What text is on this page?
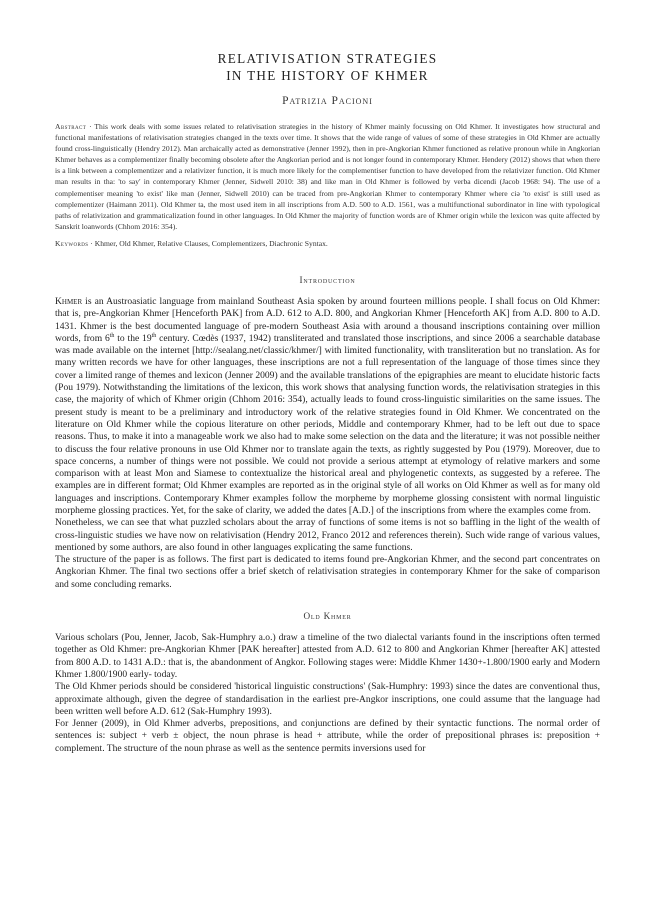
RELATIVISATION STRATEGIES
IN THE HISTORY OF KHMER
Patrizia Pacioni
Abstract · This work deals with some issues related to relativisation strategies in the history of Khmer mainly focussing on Old Khmer. It investigates how structural and functional manifestations of relativisation strategies changed in the texts over time. It shows that the wide range of values of some of these strategies in Old Khmer are actually found cross-linguistically (Hendry 2012). Man archaically acted as demonstrative (Jenner 1992), then in pre-Angkorian Khmer functioned as relative pronoun while in Angkorian Khmer behaves as a complementizer finally becoming obsolete after the Angkorian period and is not longer found in contemporary Khmer. Hendery (2012) shows that when there is a link between a complementizer and a relativizer function, it is much more likely for the complementiser function to have developed from the relativizer function. Old Khmer man results in tha: 'to say' in contemporary Khmer (Jenner, Sidwell 2010: 38) and like man in Old Khmer is followed by verba dicendi (Jacob 1968: 94). The use of a complementiser meaning 'to exist' like man (Jenner, Sidwell 2010) can be traced from pre-Angkorian Khmer to contemporary Khmer where ciə 'to exist' is still used as complementizer (Haimann 2011). Old Khmer ta, the most used item in all inscriptions from A.D. 500 to A.D. 1561, was a multifunctional subordinator in line with typological paths of relativization and grammaticalization found in other languages. In Old Khmer the majority of function words are of Khmer origin while the lexicon was quite affected by Sanskrit loanwords (Chhom 2016: 354).
Keywords · Khmer, Old Khmer, Relative Clauses, Complementizers, Diachronic Syntax.
Introduction

Khmer is an Austroasiatic language from mainland Southeast Asia spoken by around fourteen millions people. I shall focus on Old Khmer: that is, pre-Angkorian Khmer [Henceforth PAK] from A.D. 612 to A.D. 800, and Angkorian Khmer [Henceforth AK] from A.D. 800 to A.D. 1431. Khmer is the best documented language of pre-modern Southeast Asia with around a thousand inscriptions containing over million words, from 6th to the 19th century. Cœdès (1937, 1942) transliterated and translated those inscriptions, and since 2006 a searchable database was made available on the internet [http://sealang.net/classic/khmer/] with limited functionality, with transliteration but no translation. As for many written records we have for other languages, these inscriptions are not a full representation of the language of those times since they cover a limited range of themes and lexicon (Jenner 2009) and the available translations of the epigraphies are meant to elucidate historic facts (Pou 1979). Notwithstanding the limitations of the lexicon, this work shows that analysing function words, the relativisation strategies in this case, the majority of which of Khmer origin (Chhom 2016: 354), actually leads to found cross-linguistic similarities on the same issues. The present study is meant to be a preliminary and introductory work of the relative strategies found in Old Khmer. We concentrated on the literature on Old Khmer while the copious literature on other periods, Middle and contemporary Khmer, had to be left out due to space reasons. Thus, to make it into a manageable work we also had to make some selection on the data and the literature; it was not possible neither to discuss the four relative pronouns in use Old Khmer nor to translate again the texts, as rightly suggested by Pou (1979). Moreover, due to space concerns, a number of things were not possible. We could not provide a serious attempt at etymology of relative markers and some comparison with at least Mon and Siamese to contextualize the historical areal and phylogenetic contexts, as suggested by a referee. The examples are in different format; Old Khmer examples are reported as in the original style of all works on Old Khmer as well as for many old languages and inscriptions. Contemporary Khmer examples follow the morpheme by morpheme glossing consistent with normal linguistic morpheme glossing practices. Yet, for the sake of clarity, we added the dates [A.D.] of the inscriptions from where the examples come from.

Nonetheless, we can see that what puzzled scholars about the array of functions of some items is not so baffling in the light of the wealth of cross-linguistic studies we have now on relativisation (Hendry 2012, Franco 2012 and references therein). Such wide range of various values, mentioned by some authors, are also found in other languages explicating the same functions.

The structure of the paper is as follows. The first part is dedicated to items found pre-Angkorian Khmer, and the second part concentrates on Angkorian Khmer. The final two sections offer a brief sketch of relativisation strategies in contemporary Khmer for the sake of comparison and some concluding remarks.

Old Khmer

Various scholars (Pou, Jenner, Jacob, Sak-Humphry a.o.) draw a timeline of the two dialectal variants found in the inscriptions often termed together as Old Khmer: pre-Angkorian Khmer [PAK hereafter] attested from A.D. 612 to 800 and Angkorian Khmer [hereafter AK] attested from 800 A.D. to 1431 A.D.: that is, the abandonment of Angkor. Following stages were: Middle Khmer 1430+-1.800/1900 early and Modern Khmer 1.800/1900 early- today.

The Old Khmer periods should be considered 'historical linguistic constructions' (Sak-Humphry: 1993) since the dates are conventional thus, approximate although, given the degree of standardisation in the earliest pre-Angkor inscriptions, one could assume that the language had been written well before A.D. 612 (Sak-Humphry 1993).

For Jenner (2009), in Old Khmer adverbs, prepositions, and conjunctions are defined by their syntactic functions. The normal order of sentences is: subject + verb ± object, the noun phrase is head + attribute, while the order of prepositional phrases is: preposition + complement. The structure of the noun phrase as well as the sentence permits inversions used for
